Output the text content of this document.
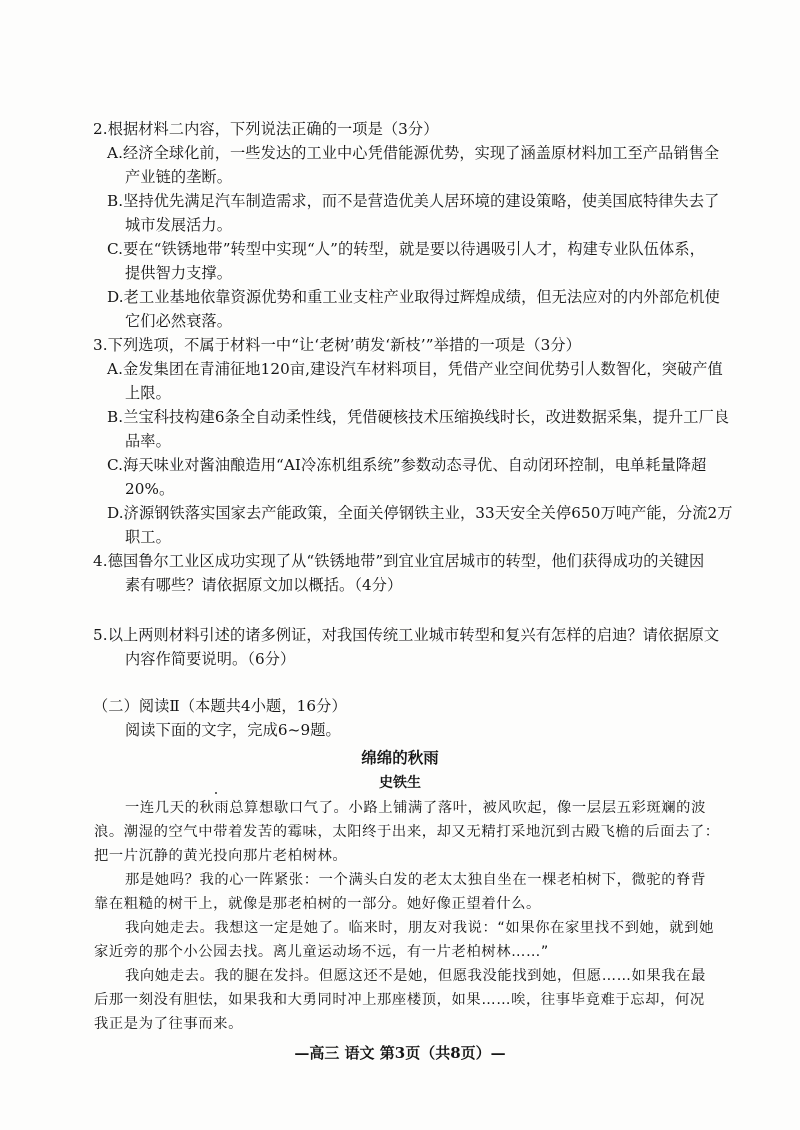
2.根据材料二内容，下列说法正确的一项是（3分）
A.经济全球化前，一些发达的工业中心凭借能源优势，实现了涵盖原材料加工至产品销售全
产业链的垄断。
B.坚持优先满足汽车制造需求，而不是营造优美人居环境的建设策略，使美国底特律失去了
城市发展活力。
C.要在“铁锈地带”转型中实现“人”的转型，就是要以待遇吸引人才，构建专业队伍体系，
提供智力支撑。
D.老工业基地依靠资源优势和重工业支柱产业取得过辉煌成绩，但无法应对的内外部危机使
它们必然衰落。
3.下列选项，不属于材料一中“让‘老树’萌发‘新枝’”举措的一项是（3分）
A.金发集团在青浦征地120亩,建设汽车材料项目，凭借产业空间优势引人数智化，突破产值
上限。
B.兰宝科技构建6条全自动柔性线，凭借硬核技术压缩换线时长，改进数据采集，提升工厂良
品率。
C.海天味业对酱油酿造用“AI冷冻机组系统”参数动态寻优、自动闭环控制，电单耗量降超
20%。
D.济源钢铁落实国家去产能政策，全面关停钢铁主业，33天安全关停650万吨产能，分流2万
职工。
4.德国鲁尔工业区成功实现了从“铁锈地带”到宜业宜居城市的转型，他们获得成功的关键因
素有哪些？请依据原文加以概括。（4分）
5.以上两则材料引述的诸多例证，对我国传统工业城市转型和复兴有怎样的启迪？请依据原文
内容作简要说明。（6分）
（二）阅读Ⅱ（本题共4小题，16分）
阅读下面的文字，完成6~9题。
绵绵的秋雨
史铁生
一连几天的秋雨总算想歇口气了。小路上铺满了落叶，被风吹起，像一层层五彩斑斓的波
浪。潮湿的空气中带着发苦的霉味，太阳终于出来，却又无精打采地沉到古殿飞檐的后面去了：
把一片沉静的黄光投向那片老柏树林。
那是她吗？我的心一阵紧张：一个满头白发的老太太独自坐在一棵老柏树下，微驼的脊背
靠在粗糙的树干上，就像是那老柏树的一部分。她好像正望着什么。
我向她走去。我想这一定是她了。临来时，朋友对我说：“如果你在家里找不到她，就到她
家近旁的那个小公园去找。离儿童运动场不远，有一片老柏树林……”
我向她走去。我的腿在发抖。但愿这还不是她，但愿我没能找到她，但愿……如果我在最
后那一刻没有胆怯，如果我和大勇同时冲上那座楼顶，如果……唉，往事毕竟难于忘却，何况
我正是为了往事而来。
—高三 语文 第3页（共8页）—
